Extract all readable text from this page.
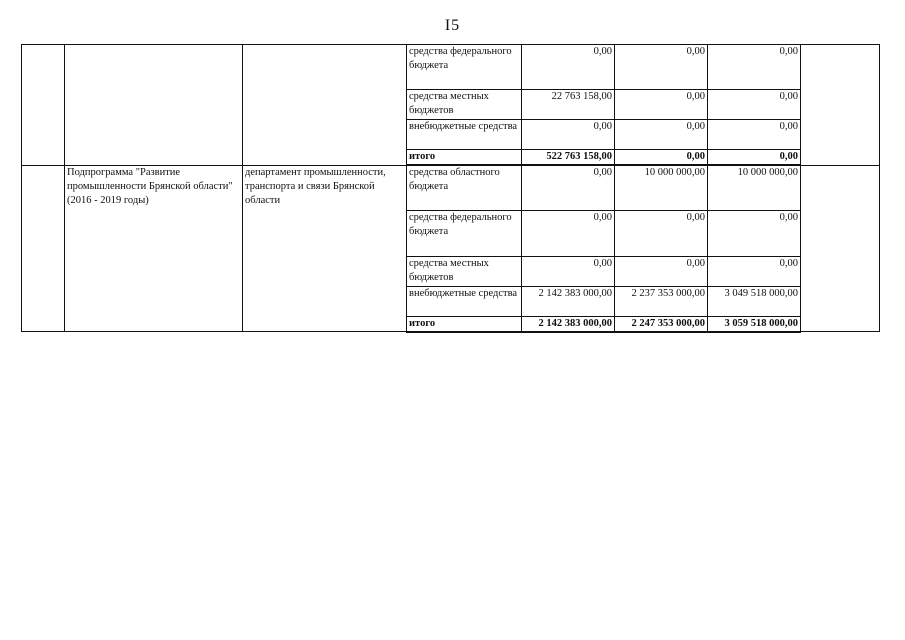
I5
			средства федерального бюджета	0,00	0,00	0,00	
			средства местных бюджетов	22 763 158,00	0,00	0,00	
			внебюджетные средства	0,00	0,00	0,00	
			итого	522 763 158,00	0,00	0,00	
	Подпрограмма "Развитие промышленности Брянской области" (2016 - 2019 годы)	департамент промышленности, транспорта и связи Брянской области	средства областного бюджета	0,00	10 000 000,00	10 000 000,00	
			средства федерального бюджета	0,00	0,00	0,00	
			средства местных бюджетов	0,00	0,00	0,00	
			внебюджетные средства	2 142 383 000,00	2 237 353 000,00	3 049 518 000,00	
			итого	2 142 383 000,00	2 247 353 000,00	3 059 518 000,00	
